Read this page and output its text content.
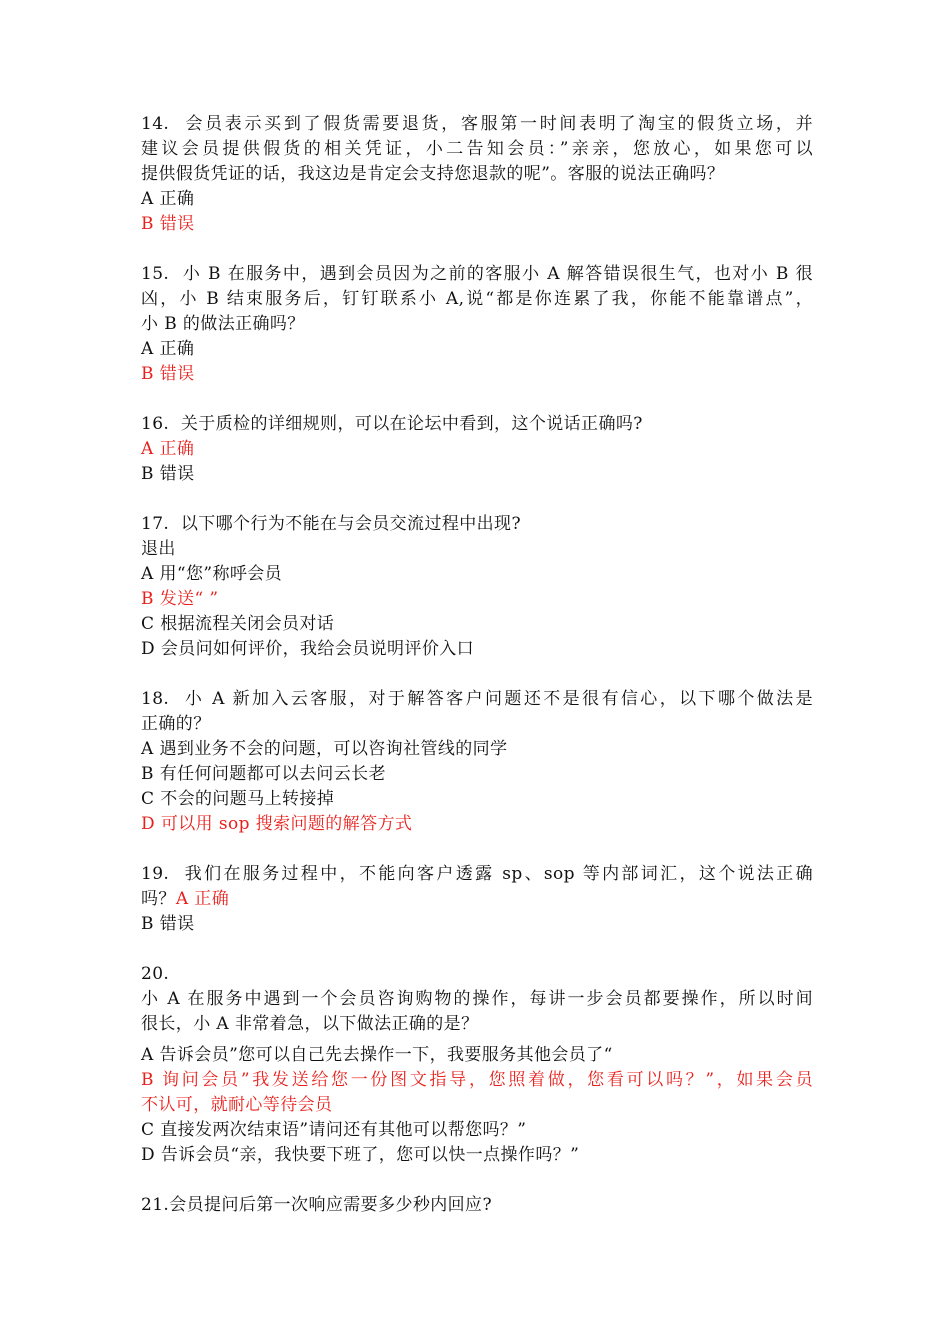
14. 会员表示买到了假货需要退货，客服第一时间表明了淘宝的假货立场，并
建议会员提供假货的相关凭证，小二告知会员：”亲亲，您放心，如果您可以
提供假货凭证的话，我这边是肯定会支持您退款的呢”。客服的说法正确吗？
A 正确
B 错误
15. 小 B 在服务中，遇到会员因为之前的客服小 A 解答错误很生气，也对小 B 很
凶，小 B 结束服务后，钉钉联系小 A,说“都是你连累了我，你能不能靠谱点”，
小 B 的做法正确吗？
A 正确
B 错误
16. 关于质检的详细规则，可以在论坛中看到，这个说话正确吗?
A 正确
B 错误
17. 以下哪个行为不能在与会员交流过程中出现?
退出
A 用“您”称呼会员
B 发送“ ”
C 根据流程关闭会员对话
D 会员问如何评价，我给会员说明评价入口
18. 小 A 新加入云客服，对于解答客户问题还不是很有信心，以下哪个做法是
正确的？
A 遇到业务不会的问题，可以咨询社管线的同学
B 有任何问题都可以去问云长老
C 不会的问题马上转接掉
D 可以用 sop 搜索问题的解答方式
19. 我们在服务过程中，不能向客户透露 sp、sop 等内部词汇，这个说法正确
吗？A 正确
B 错误
20.
小 A 在服务中遇到一个会员咨询购物的操作，每讲一步会员都要操作，所以时间
很长，小 A 非常着急，以下做法正确的是？
A 告诉会员”您可以自己先去操作一下，我要服务其他会员了“
B 询问会员”我发送给您一份图文指导，您照着做，您看可以吗？”，如果会员
不认可，就耐心等待会员
C 直接发两次结束语”请问还有其他可以帮您吗？”
D 告诉会员“亲，我快要下班了，您可以快一点操作吗？”
21.会员提问后第一次响应需要多少秒内回应?
